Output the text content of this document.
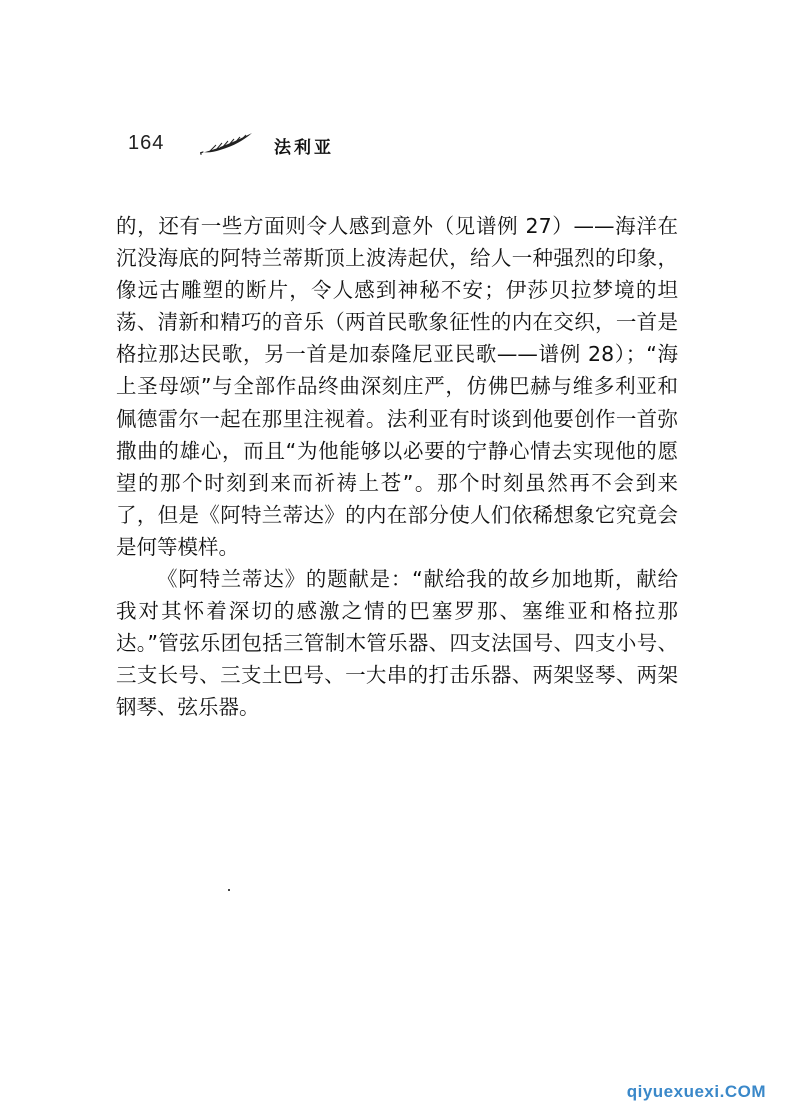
164	法利亚

的，还有一些方面则令人感到意外（见谱例 27）——海洋在沉没海底的阿特兰蒂斯顶上波涛起伏，给人一种强烈的印象，像远古雕塑的断片，令人感到神秘不安；伊莎贝拉梦境的坦荡、清新和精巧的音乐（两首民歌象征性的内在交织，一首是格拉那达民歌，另一首是加泰隆尼亚民歌——谱例 28）；“海上圣母颂”与全部作品终曲深刻庄严，仿佛巴赫与维多利亚和佩德雷尔一起在那里注视着。法利亚有时谈到他要创作一首弥撒曲的雄心，而且“为他能够以必要的宁静心情去实现他的愿望的那个时刻到来而祈祷上苍”。那个时刻虽然再不会到来了，但是《阿特兰蒂达》的内在部分使人们依稀想象它究竟会是何等模样。

《阿特兰蒂达》的题献是：“献给我的故乡加地斯，献给我对其怀着深切的感激之情的巴塞罗那、塞维亚和格拉那达。”管弦乐团包括三管制木管乐器、四支法国号、四支小号、三支长号、三支土巴号、一大串的打击乐器、两架竖琴、两架钢琴、弦乐器。

qiyuexuexi.COM
